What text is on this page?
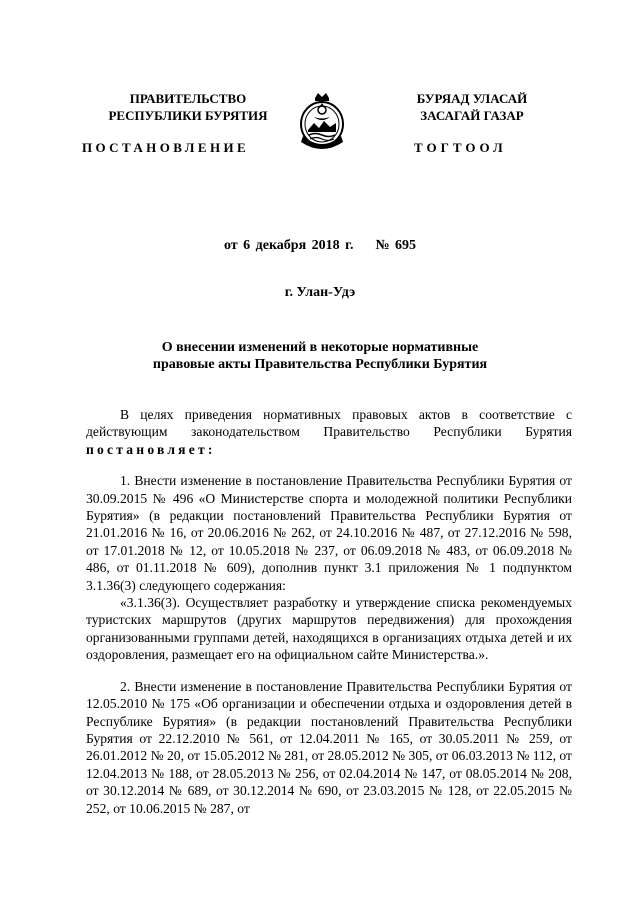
ПРАВИТЕЛЬСТВО
РЕСПУБЛИКИ БУРЯТИЯ
БУРЯАД УЛАСАЙ
ЗАСАГАЙ ГАЗАР
ПОСТАНОВЛЕНИЕ	ТОГТООЛ
от 6 декабря 2018 г.    № 695
г. Улан-Удэ
О внесении изменений в некоторые нормативные
правовые акты Правительства Республики Бурятия

В целях приведения нормативных правовых актов в соответствие с действующим законодательством Правительство Республики Бурятия постановляет:

1. Внести изменение в постановление Правительства Республики Бурятия от 30.09.2015 № 496 «О Министерстве спорта и молодежной политики Республики Бурятия» (в редакции постановлений Правительства Республики Бурятия от 21.01.2016 № 16, от 20.06.2016 № 262, от 24.10.2016 № 487, от 27.12.2016 № 598, от 17.01.2018 № 12, от 10.05.2018 № 237, от 06.09.2018 № 483, от 06.09.2018 № 486, от 01.11.2018 № 609), дополнив пункт 3.1 приложения № 1 подпунктом 3.1.36(3) следующего содержания:

«3.1.36(3). Осуществляет разработку и утверждение списка рекомендуемых туристских маршрутов (других маршрутов передвижения) для прохождения организованными группами детей, находящихся в организациях отдыха детей и их оздоровления, размещает его на официальном сайте Министерства.».

2. Внести изменение в постановление Правительства Республики Бурятия от 12.05.2010 № 175 «Об организации и обеспечении отдыха и оздоровления детей в Республике Бурятия» (в редакции постановлений Правительства Республики Бурятия от 22.12.2010 № 561, от 12.04.2011 № 165, от 30.05.2011 № 259, от 26.01.2012 № 20, от 15.05.2012 № 281, от 28.05.2012 № 305, от 06.03.2013 № 112, от 12.04.2013 № 188, от 28.05.2013 № 256, от 02.04.2014 № 147, от 08.05.2014 № 208, от 30.12.2014 № 689, от 30.12.2014 № 690, от 23.03.2015 № 128, от 22.05.2015 № 252, от 10.06.2015 № 287, от
